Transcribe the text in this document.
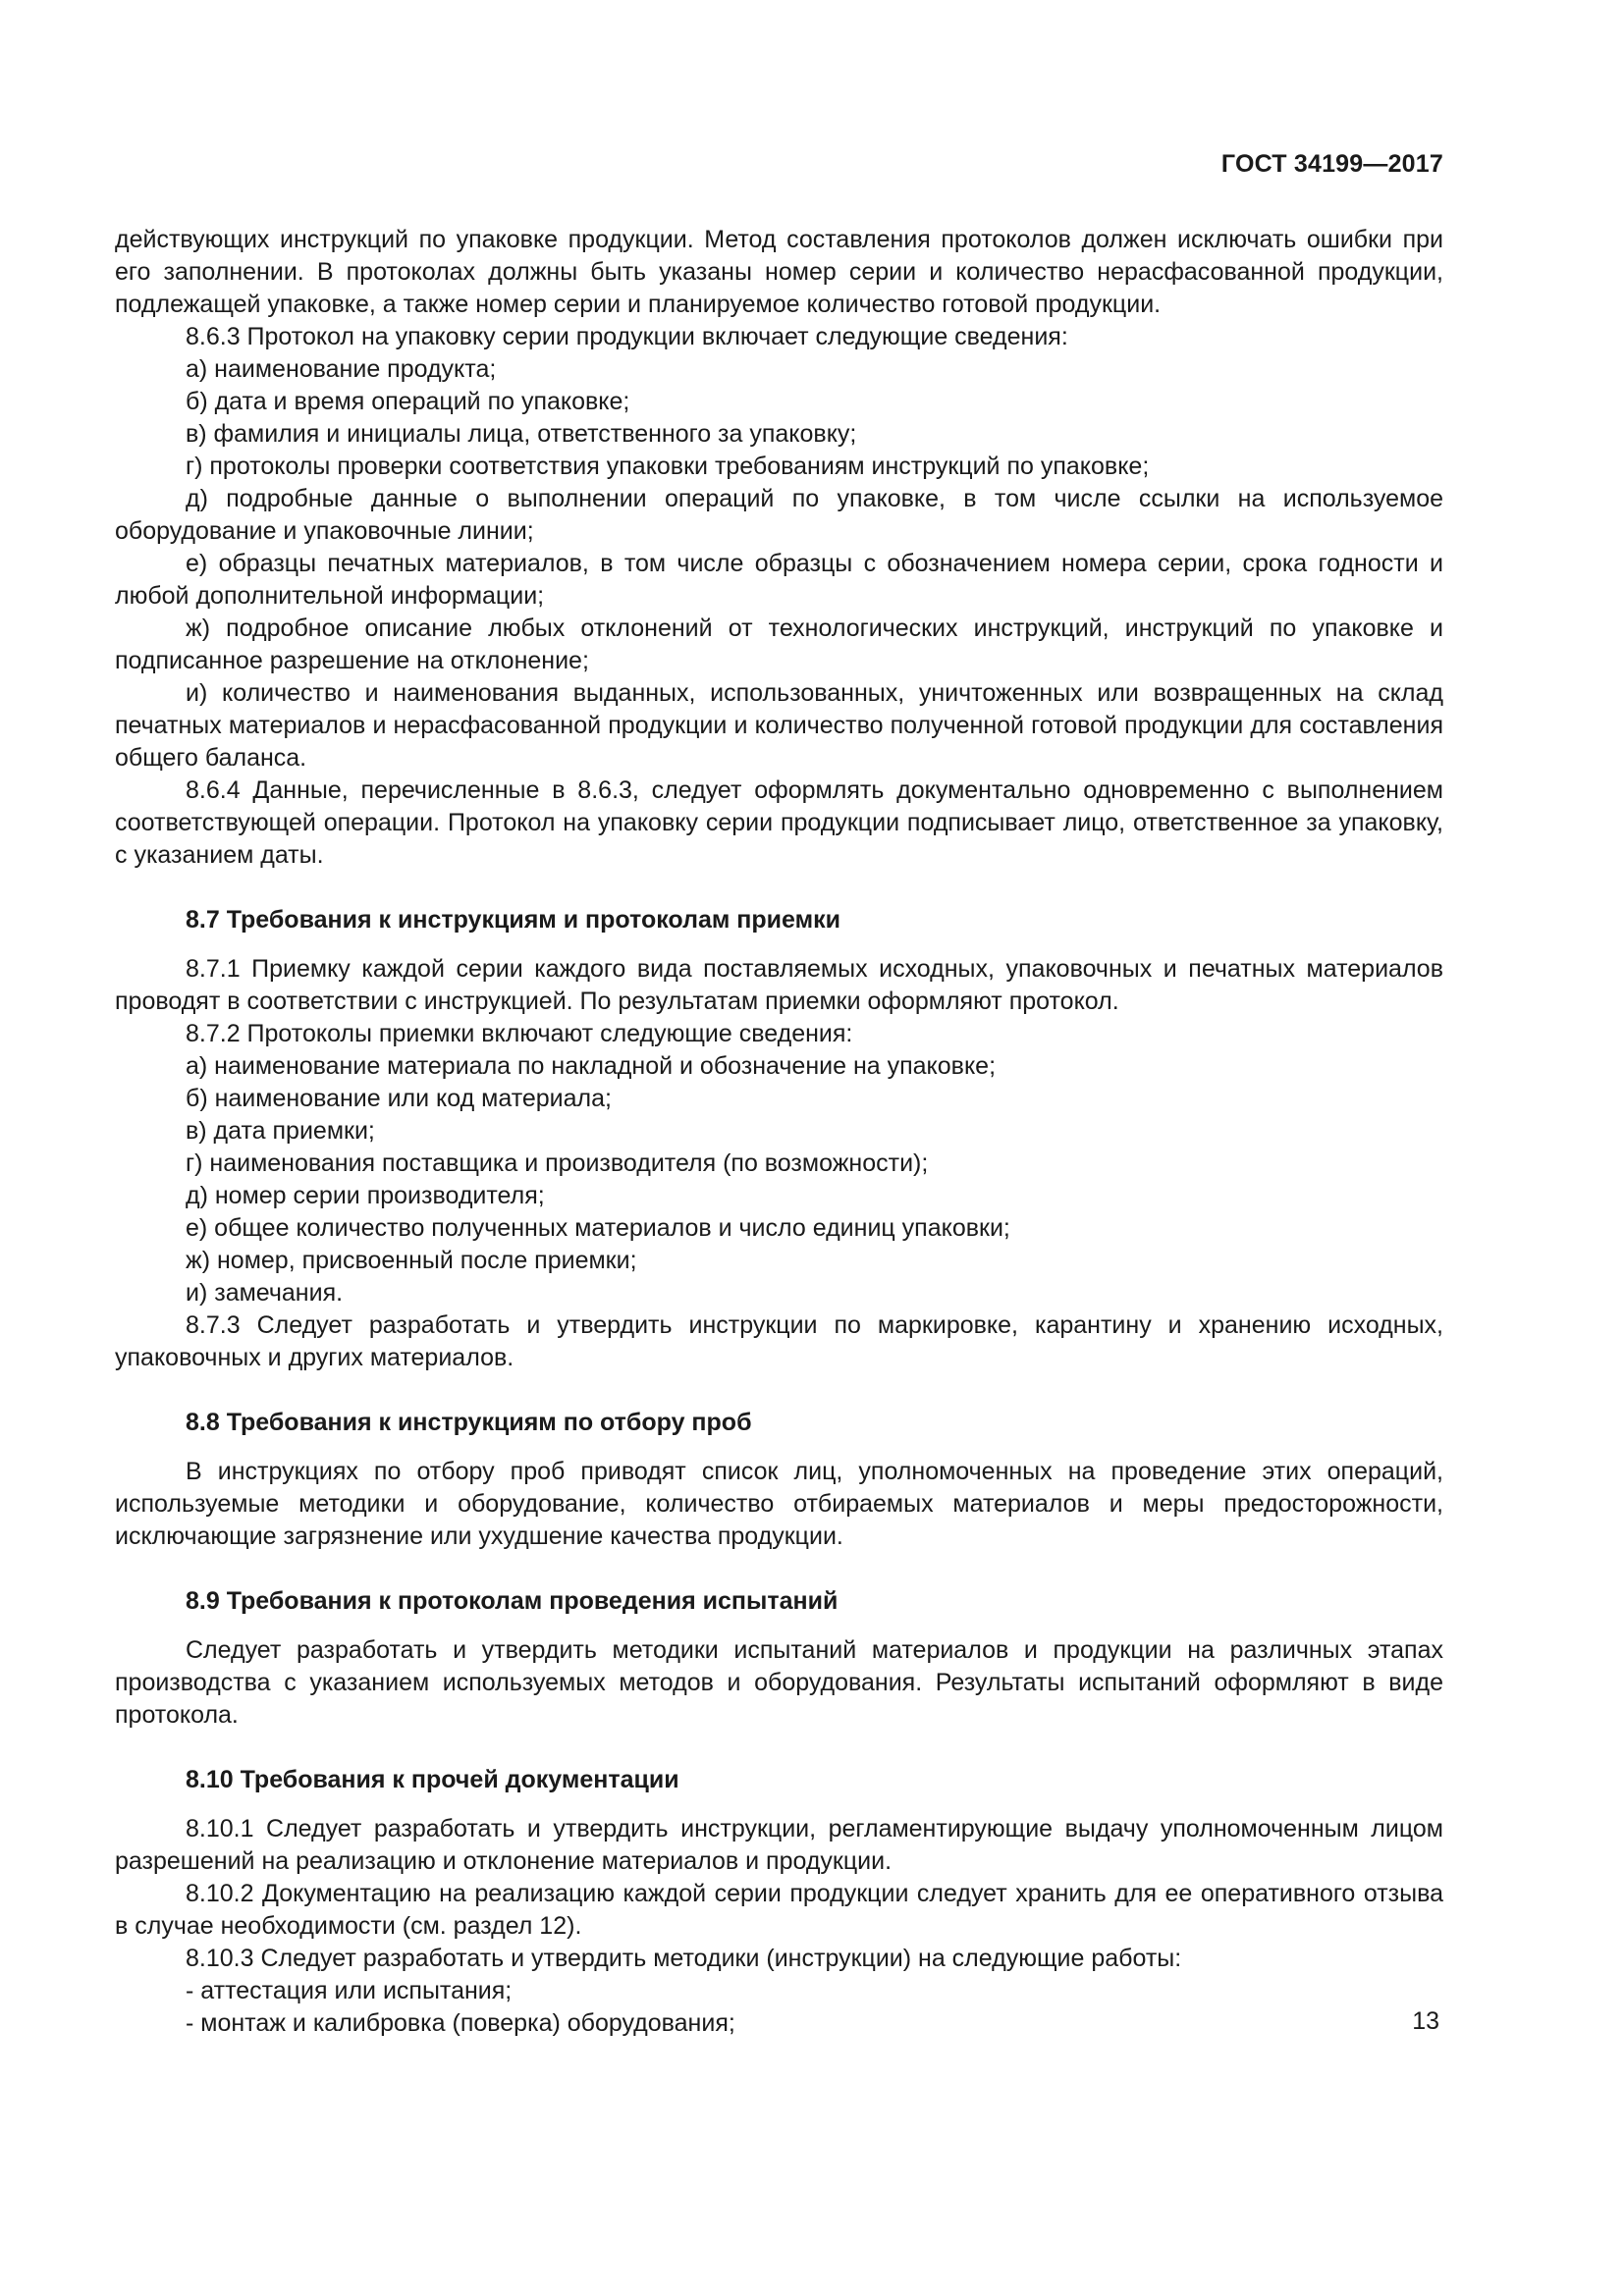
ГОСТ 34199—2017

действующих инструкций по упаковке продукции. Метод составления протоколов должен исключать ошибки при его заполнении. В протоколах должны быть указаны номер серии и количество нерасфасованной продукции, подлежащей упаковке, а также номер серии и планируемое количество готовой продукции.

8.6.3 Протокол на упаковку серии продукции включает следующие сведения:

а) наименование продукта;

б) дата и время операций по упаковке;

в) фамилия и инициалы лица, ответственного за упаковку;

г) протоколы проверки соответствия упаковки требованиям инструкций по упаковке;

д) подробные данные о выполнении операций по упаковке, в том числе ссылки на используемое оборудование и упаковочные линии;

е) образцы печатных материалов, в том числе образцы с обозначением номера серии, срока годности и любой дополнительной информации;

ж) подробное описание любых отклонений от технологических инструкций, инструкций по упаковке и подписанное разрешение на отклонение;

и) количество и наименования выданных, использованных, уничтоженных или возвращенных на склад печатных материалов и нерасфасованной продукции и количество полученной готовой продукции для составления общего баланса.

8.6.4 Данные, перечисленные в 8.6.3, следует оформлять документально одновременно с выполнением соответствующей операции. Протокол на упаковку серии продукции подписывает лицо, ответственное за упаковку, с указанием даты.

8.7 Требования к инструкциям и протоколам приемки

8.7.1 Приемку каждой серии каждого вида поставляемых исходных, упаковочных и печатных материалов проводят в соответствии с инструкцией. По результатам приемки оформляют протокол.

8.7.2 Протоколы приемки включают следующие сведения:

а) наименование материала по накладной и обозначение на упаковке;

б) наименование или код материала;

в) дата приемки;

г) наименования поставщика и производителя (по возможности);

д) номер серии производителя;

е) общее количество полученных материалов и число единиц упаковки;

ж) номер, присвоенный после приемки;

и) замечания.

8.7.3 Следует разработать и утвердить инструкции по маркировке, карантину и хранению исходных, упаковочных и других материалов.

8.8 Требования к инструкциям по отбору проб

В инструкциях по отбору проб приводят список лиц, уполномоченных на проведение этих операций, используемые методики и оборудование, количество отбираемых материалов и меры предосторожности, исключающие загрязнение или ухудшение качества продукции.

8.9 Требования к протоколам проведения испытаний

Следует разработать и утвердить методики испытаний материалов и продукции на различных этапах производства с указанием используемых методов и оборудования. Результаты испытаний оформляют в виде протокола.

8.10 Требования к прочей документации

8.10.1 Следует разработать и утвердить инструкции, регламентирующие выдачу уполномоченным лицом разрешений на реализацию и отклонение материалов и продукции.

8.10.2 Документацию на реализацию каждой серии продукции следует хранить для ее оперативного отзыва в случае необходимости (см. раздел 12).

8.10.3 Следует разработать и утвердить методики (инструкции) на следующие работы:

- аттестация или испытания;

- монтаж и калибровка (поверка) оборудования;	13
